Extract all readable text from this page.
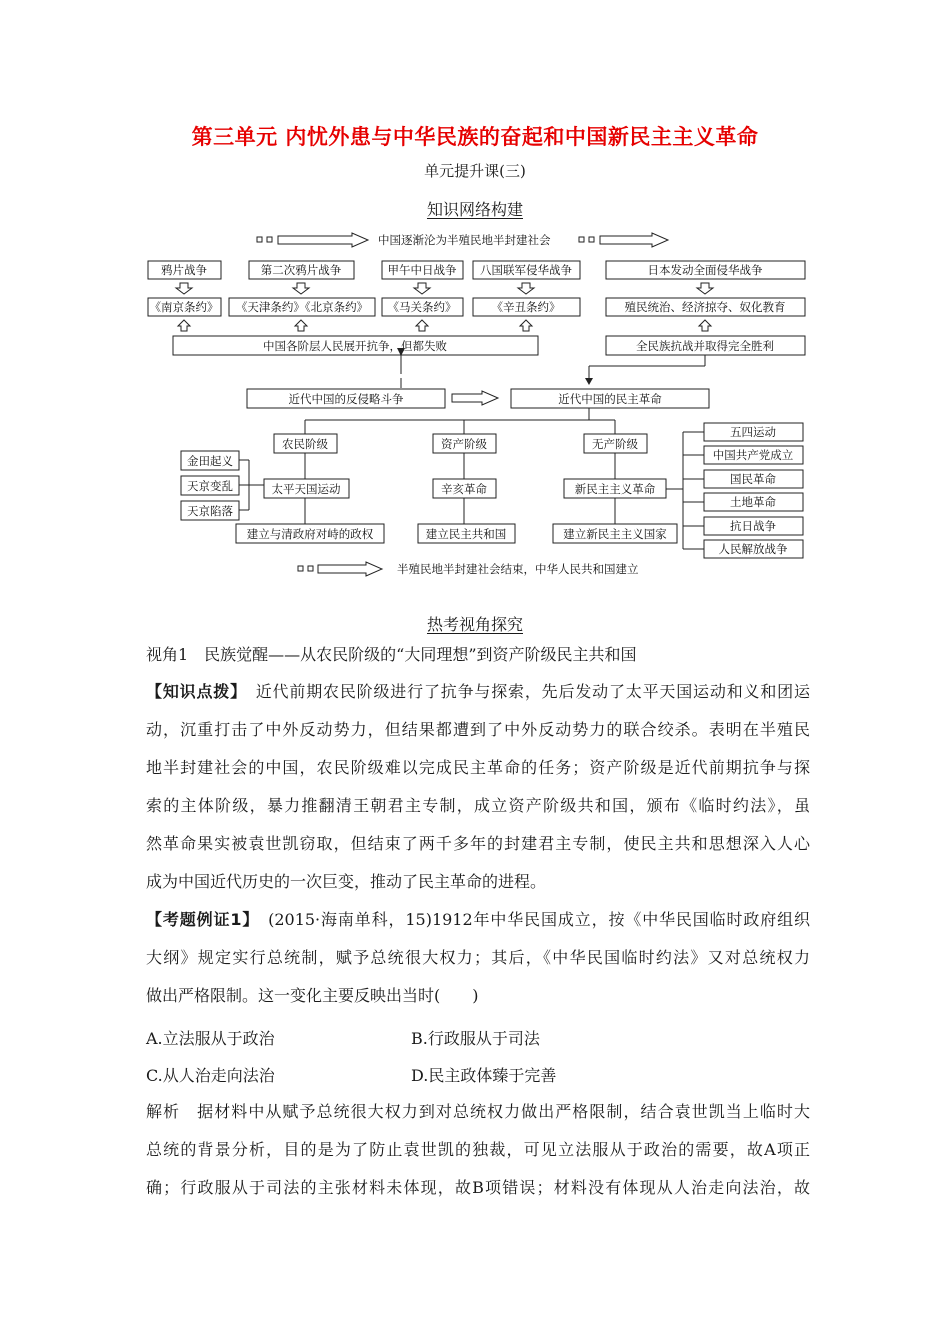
第三单元 内忧外患与中华民族的奋起和中国新民主主义革命
单元提升课(三)
知识网络构建
中国逐渐沦为半殖民地半封建社会
鸦片战争	第二次鸦片战争	甲午中日战争 八国联军侵华战争	日本发动全面侵华战争
《南京条约》 《天津条约》《北京条约》 《马关条约》	《辛丑条约》	殖民统治、经济掠夺、奴化教育
中国各阶层人民展开抗争，但都失败	全民族抗战并取得完全胜利
近代中国的反侵略斗争	近代中国的民主革命
农民阶级	资产阶级	无产阶级
金田起义
天京变乱
天京陷落
太平天国运动	辛亥革命	新民主主义革命
建立与清政府对峙的政权	建立民主共和国	建立新民主主义国家
五四运动
中国共产党成立
国民革命
土地革命
抗日战争
人民解放战争
半殖民地半封建社会结束，中华人民共和国建立
热考视角探究
视角1　民族觉醒——从农民阶级的“大同理想”到资产阶级民主共和国
【知识点拨】　近代前期农民阶级进行了抗争与探索，先后发动了太平天国运动和义和团运
动，沉重打击了中外反动势力，但结果都遭到了中外反动势力的联合绞杀。表明在半殖民
地半封建社会的中国，农民阶级难以完成民主革命的任务；资产阶级是近代前期抗争与探
索的主体阶级，暴力推翻清王朝君主专制，成立资产阶级共和国，颁布《临时约法》，虽
然革命果实被袁世凯窃取，但结束了两千多年的封建君主专制，使民主共和思想深入人心
成为中国近代历史的一次巨变，推动了民主革命的进程。
【考题例证1】　(2015·海南单科，15)1912年中华民国成立，按《中华民国临时政府组织
大纲》规定实行总统制，赋予总统很大权力；其后，《中华民国临时约法》又对总统权力
做出严格限制。这一变化主要反映出当时(　　)
A.立法服从于政治	B.行政服从于司法
C.从人治走向法治	D.民主政体臻于完善
解析　据材料中从赋予总统很大权力到对总统权力做出严格限制，结合袁世凯当上临时大
总统的背景分析，目的是为了防止袁世凯的独裁，可见立法服从于政治的需要，故A项正
确；行政服从于司法的主张材料未体现，故B项错误；材料没有体现从人治走向法治，故
